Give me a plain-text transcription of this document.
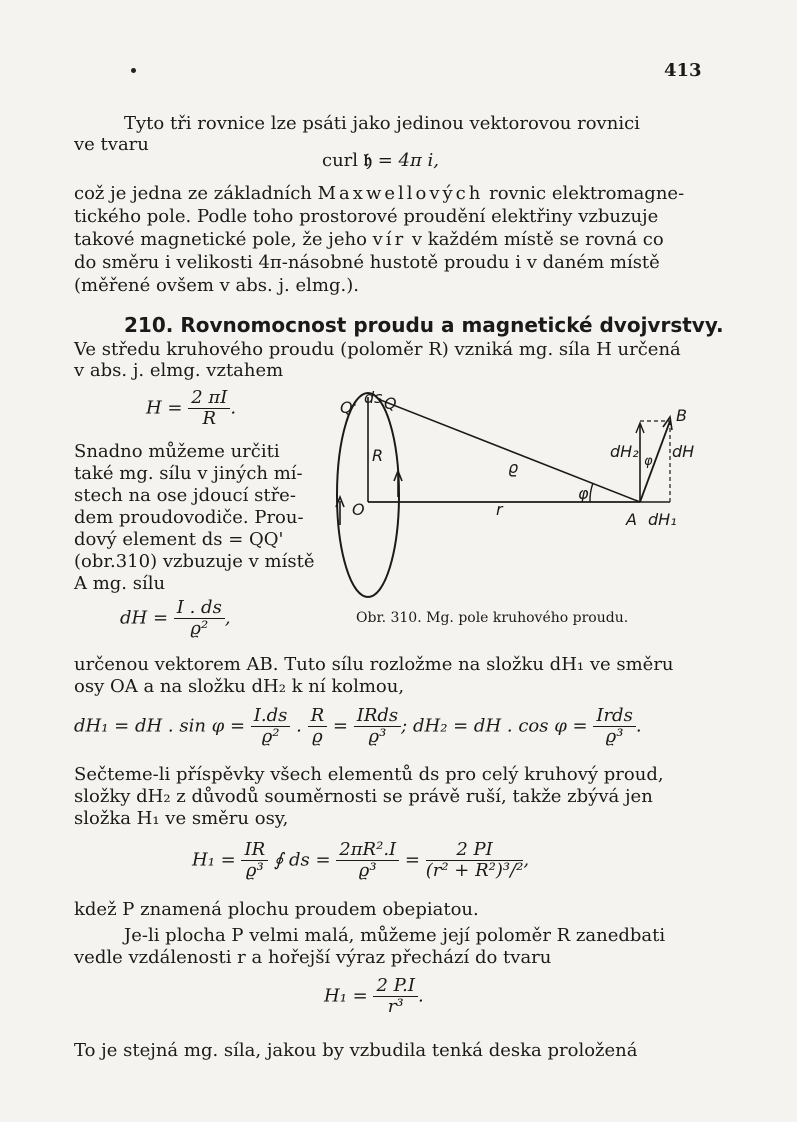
413
Tyto tři rovnice lze psáti jako jedinou vektorovou rovnici
ve tvaru
curl 𝔥 = 4π i,
což je jedna ze základních Maxwellových rovnic elektromagne-
tického pole. Podle toho prostorové proudění elektřiny vzbuzuje
takové magnetické pole, že jeho vír v každém místě se rovná co
do směru i velikosti 4π-násobné hustotě proudu i v daném místě
(měřené ovšem v abs. j. elmg.).
210. Rovnomocnost proudu a magnetické dvojvrstvy.
Ve středu kruhového proudu (poloměr R) vzniká mg. síla H určená
v abs. j. elmg. vztahem
$H = \frac{2 \pi I}{R}$ .
Snadno můžeme určiti
také mg. sílu v jiných mí-
stech na ose jdoucí stře-
dem proudovodiče. Prou-
dový element ds = QQ'
(obr.310) vzbuzuje v místě
A mg. sílu
dH = $\frac{I . ds}{\text{ϱ²}}$ ,
Q'
ds Q
R
O
ϱ
φ
r
A
B
dH₂
φ
dH
dH₁
Obr. 310. Mg. pole kruhového proudu.
určenou vektorem AB. Tuto sílu rozložme na složku dH₁ ve směru
osy OA a na složku dH₂ k ní kolmou,
dH₁ = dH . $\sin \varphi = \frac{I.ds}{\text{ϱ²}}$ . $\frac{R}{ϱ} = \frac{\text{IRds}}{\text{ϱ³}}$ ; dH₂ = dH . $\cos \varphi = \frac{\text{Irds}}{\text{ϱ³}}$ .
Sečteme-li příspěvky všech elementů ds pro celý kruhový proud,
složky dH₂ z důvodů souměrnosti se právě ruší, takže zbývá jen
složka H₁ ve směru osy,
$H_1 = \frac{IR}{\text{ϱ³}}$ ∮ ds = $\frac{\text{2πR².I}}{\text{ϱ³}} = \frac{2 PI}{\text{(r² + R²)³/²}}$ ,
kdež P znamená plochu proudem obepiatou.
Je-li plocha P velmi malá, můžeme její poloměr R zanedbati
vedle vzdálenosti r a hořejší výraz přechází do tvaru
$H_1 = \frac{2 P.I}{\text{r³}}$ .
To je stejná mg. síla, jakou by vzbudila tenká deska proložená
